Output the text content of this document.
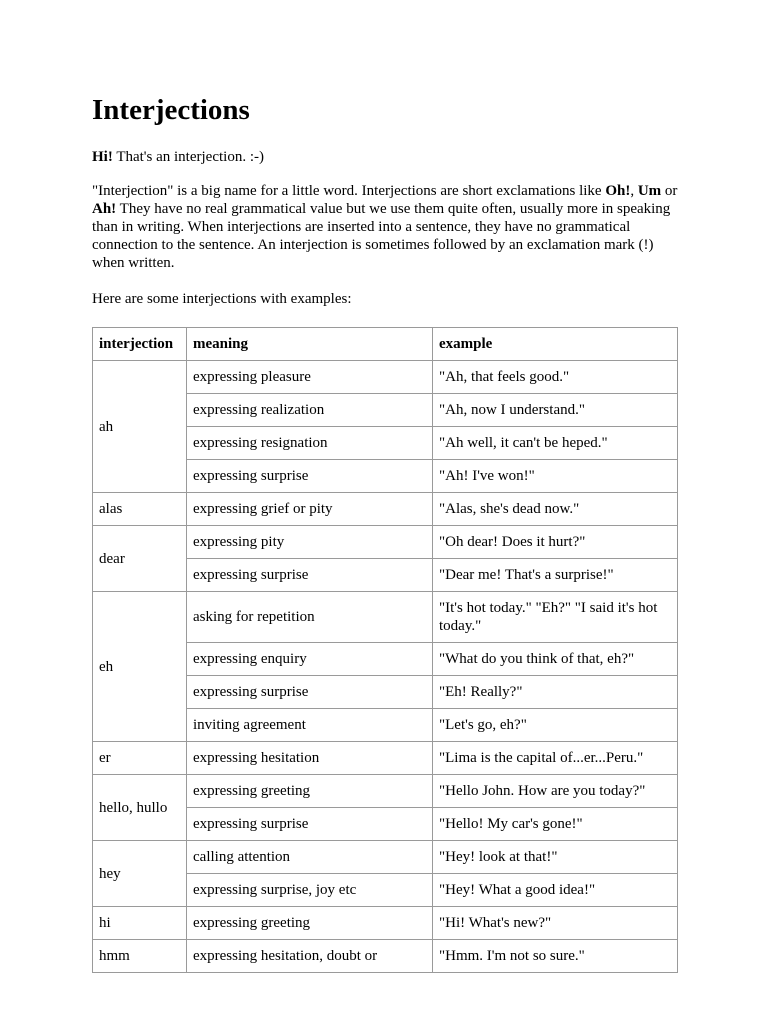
Interjections

Hi! That's an interjection. :-)

"Interjection" is a big name for a little word. Interjections are short exclamations like Oh!, Um or Ah! They have no real grammatical value but we use them quite often, usually more in speaking than in writing. When interjections are inserted into a sentence, they have no grammatical connection to the sentence. An interjection is sometimes followed by an exclamation mark (!) when written.

Here are some interjections with examples:

interjection	meaning	example
ah	expressing pleasure	"Ah, that feels good."
	expressing realization	"Ah, now I understand."
	expressing resignation	"Ah well, it can't be heped."
	expressing surprise	"Ah! I've won!"
alas	expressing grief or pity	"Alas, she's dead now."
dear	expressing pity	"Oh dear! Does it hurt?"
	expressing surprise	"Dear me! That's a surprise!"
eh	asking for repetition	"It's hot today." "Eh?" "I said it's hot today."
	expressing enquiry	"What do you think of that, eh?"
	expressing surprise	"Eh! Really?"
	inviting agreement	"Let's go, eh?"
er	expressing hesitation	"Lima is the capital of...er...Peru."
hello, hullo	expressing greeting	"Hello John. How are you today?"
	expressing surprise	"Hello! My car's gone!"
hey	calling attention	"Hey! look at that!"
	expressing surprise, joy etc	"Hey! What a good idea!"
hi	expressing greeting	"Hi! What's new?"
hmm	expressing hesitation, doubt or	"Hmm. I'm not so sure."
